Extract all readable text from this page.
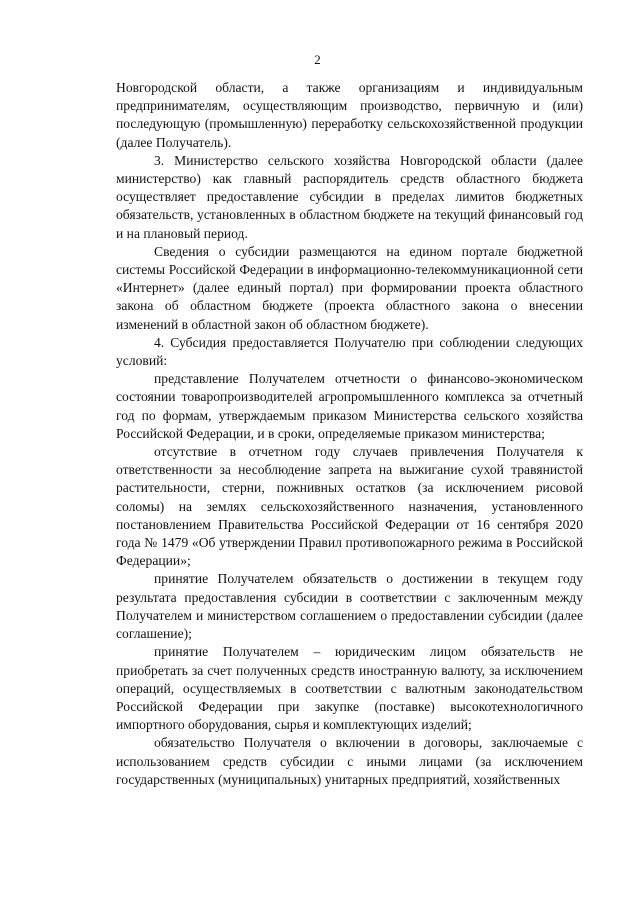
2

Новгородской области, а также организациям и индивидуальным предпринимателям, осуществляющим производство, первичную и (или) последующую (промышленную) переработку сельскохозяйственной продукции (далее Получатель).

3. Министерство сельского хозяйства Новгородской области (далее министерство) как главный распорядитель средств областного бюджета осуществляет предоставление субсидии в пределах лимитов бюджетных обязательств, установленных в областном бюджете на текущий финансовый год и на плановый период.

Сведения о субсидии размещаются на едином портале бюджетной системы Российской Федерации в информационно-телекоммуникационной сети «Интернет» (далее единый портал) при формировании проекта областного закона об областном бюджете (проекта областного закона о внесении изменений в областной закон об областном бюджете).

4. Субсидия предоставляется Получателю при соблюдении следующих условий:

представление Получателем отчетности о финансово-экономическом состоянии товаропроизводителей агропромышленного комплекса за отчетный год по формам, утверждаемым приказом Министерства сельского хозяйства Российской Федерации, и в сроки, определяемые приказом министерства;

отсутствие в отчетном году случаев привлечения Получателя к ответственности за несоблюдение запрета на выжигание сухой травянистой растительности, стерни, пожнивных остатков (за исключением рисовой соломы) на землях сельскохозяйственного назначения, установленного постановлением Правительства Российской Федерации от 16 сентября 2020 года № 1479 «Об утверждении Правил противопожарного режима в Российской Федерации»;

принятие Получателем обязательств о достижении в текущем году результата предоставления субсидии в соответствии с заключенным между Получателем и министерством соглашением о предоставлении субсидии (далее соглашение);

принятие Получателем – юридическим лицом обязательств не приобретать за счет полученных средств иностранную валюту, за исключением операций, осуществляемых в соответствии с валютным законодательством Российской Федерации при закупке (поставке) высокотехнологичного импортного оборудования, сырья и комплектующих изделий;

обязательство Получателя о включении в договоры, заключаемые с использованием средств субсидии с иными лицами (за исключением государственных (муниципальных) унитарных предприятий, хозяйственных
